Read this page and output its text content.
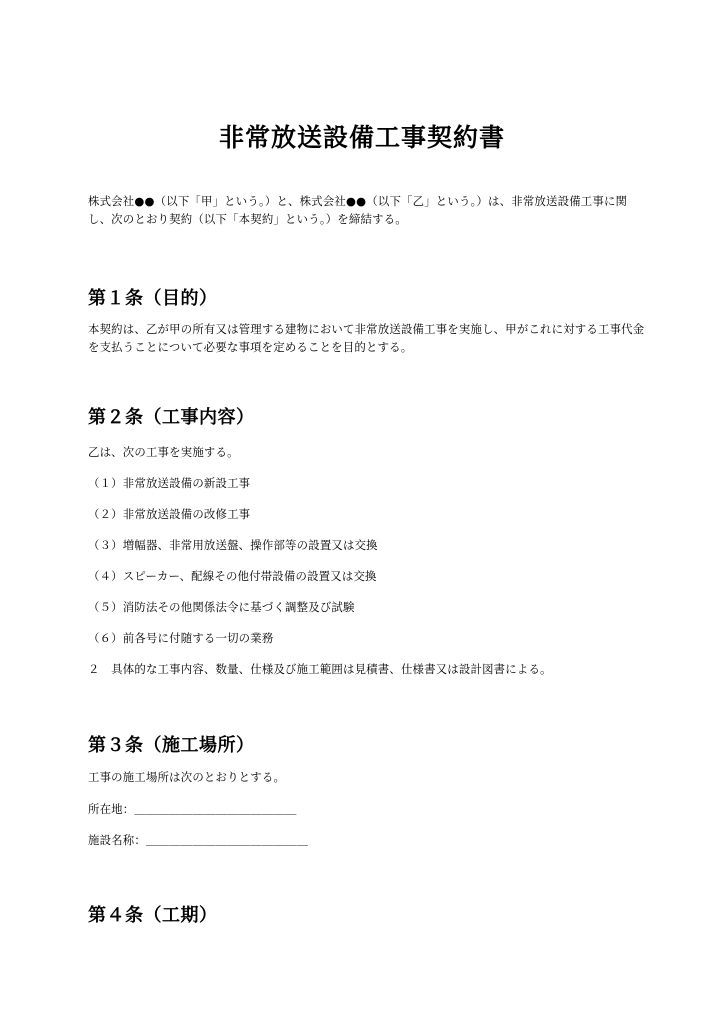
非常放送設備工事契約書
株式会社●●（以下「甲」という。）と、株式会社●●（以下「乙」という。）は、非常放送設備工事に関し、次のとおり契約（以下「本契約」という。）を締結する。
第１条（目的）
本契約は、乙が甲の所有又は管理する建物において非常放送設備工事を実施し、甲がこれに対する工事代金を支払うことについて必要な事項を定めることを目的とする。
第２条（工事内容）
乙は、次の工事を実施する。
（１）非常放送設備の新設工事
（２）非常放送設備の改修工事
（３）増幅器、非常用放送盤、操作部等の設置又は交換
（４）スピーカー、配線その他付帯設備の設置又は交換
（５）消防法その他関係法令に基づく調整及び試験
（６）前各号に付随する一切の業務
２　具体的な工事内容、数量、仕様及び施工範囲は見積書、仕様書又は設計図書による。
第３条（施工場所）
工事の施工場所は次のとおりとする。
所在地：＿＿＿＿＿＿＿＿＿＿＿＿＿＿
施設名称：＿＿＿＿＿＿＿＿＿＿＿＿＿＿
第４条（工期）
